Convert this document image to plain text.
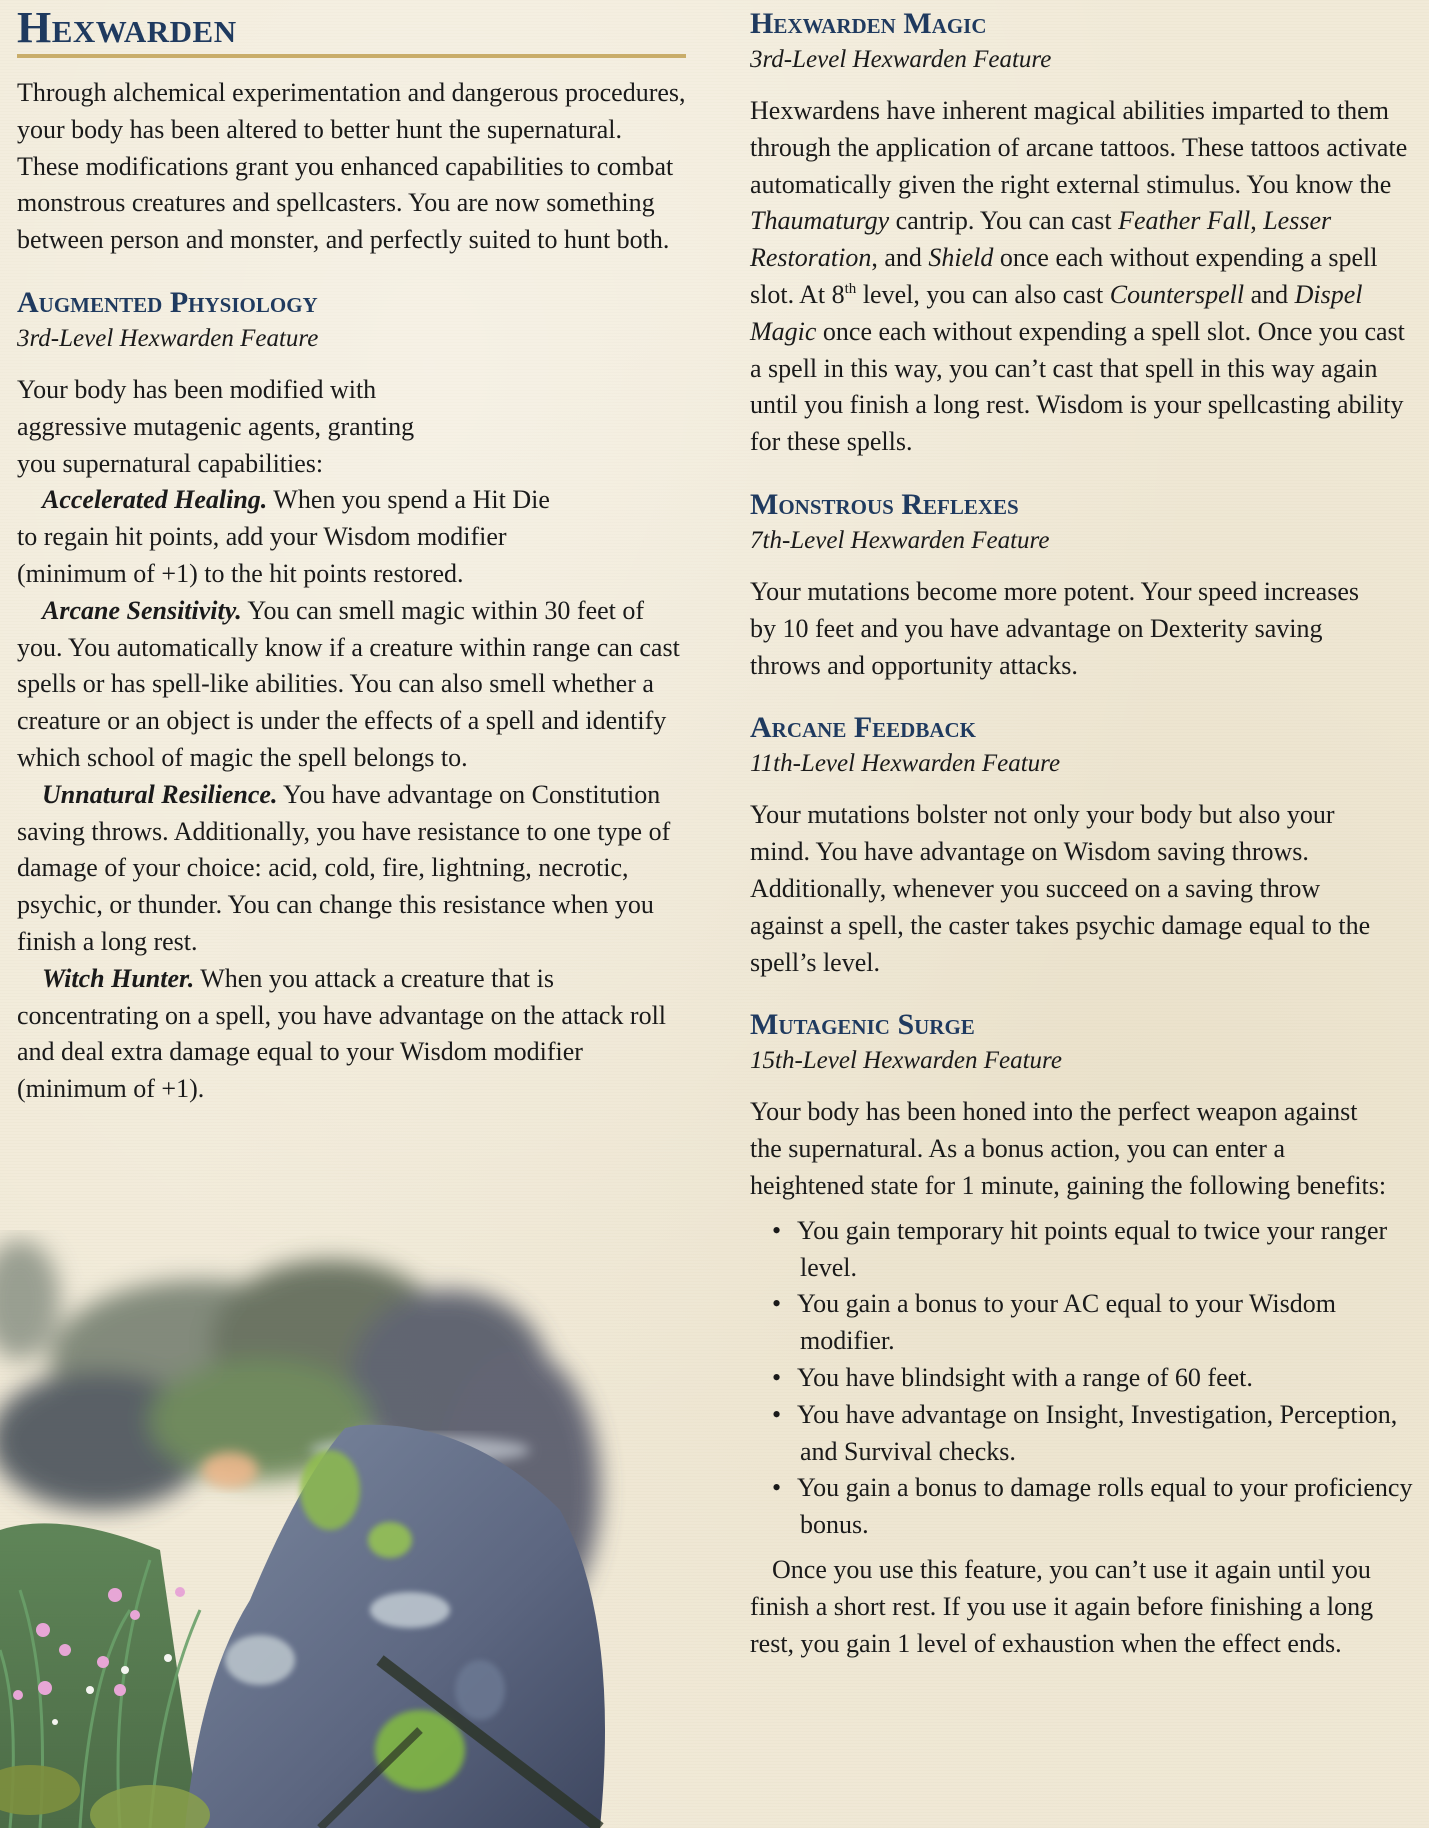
Hexwarden

Through alchemical experimentation and dangerous procedures, your body has been altered to better hunt the supernatural. These modifications grant you enhanced capabilities to combat monstrous creatures and spellcasters. You are now something between person and monster, and perfectly suited to hunt both.

Augmented Physiology
3rd-Level Hexwarden Feature

Your body has been modified with aggressive mutagenic agents, granting you supernatural capabilities:

Accelerated Healing. When you spend a Hit Die to regain hit points, add your Wisdom modifier (minimum of +1) to the hit points restored.

Arcane Sensitivity. You can smell magic within 30 feet of you. You automatically know if a creature within range can cast spells or has spell-like abilities. You can also smell whether a creature or an object is under the effects of a spell and identify which school of magic the spell belongs to.

Unnatural Resilience. You have advantage on Constitution saving throws. Additionally, you have resistance to one type of damage of your choice: acid, cold, fire, lightning, necrotic, psychic, or thunder. You can change this resistance when you finish a long rest.

Witch Hunter. When you attack a creature that is concentrating on a spell, you have advantage on the attack roll and deal extra damage equal to your Wisdom modifier (minimum of +1).

Hexwarden Magic
3rd-Level Hexwarden Feature

Hexwardens have inherent magical abilities imparted to them through the application of arcane tattoos. These tattoos activate automatically given the right external stimulus. You know the Thaumaturgy cantrip. You can cast Feather Fall, Lesser Restoration, and Shield once each without expending a spell slot. At 8th level, you can also cast Counterspell and Dispel Magic once each without expending a spell slot. Once you cast a spell in this way, you can’t cast that spell in this way again until you finish a long rest. Wisdom is your spellcasting ability for these spells.

Monstrous Reflexes
7th-Level Hexwarden Feature

Your mutations become more potent. Your speed increases by 10 feet and you have advantage on Dexterity saving throws and opportunity attacks.

Arcane Feedback
11th-Level Hexwarden Feature

Your mutations bolster not only your body but also your mind. You have advantage on Wisdom saving throws. Additionally, whenever you succeed on a saving throw against a spell, the caster takes psychic damage equal to the spell’s level.

Mutagenic Surge
15th-Level Hexwarden Feature

Your body has been honed into the perfect weapon against the supernatural. As a bonus action, you can enter a heightened state for 1 minute, gaining the following benefits:

• You gain temporary hit points equal to twice your ranger level.
• You gain a bonus to your AC equal to your Wisdom modifier.
• You have blindsight with a range of 60 feet.
• You have advantage on Insight, Investigation, Perception, and Survival checks.
• You gain a bonus to damage rolls equal to your proficiency bonus.

Once you use this feature, you can’t use it again until you finish a short rest. If you use it again before finishing a long rest, you gain 1 level of exhaustion when the effect ends.
